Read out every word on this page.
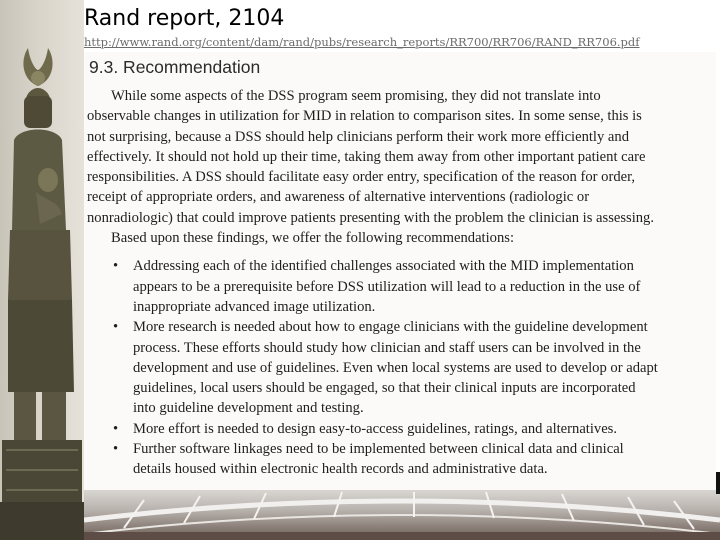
Rand report, 2104
http://www.rand.org/content/dam/rand/pubs/research_reports/RR700/RR706/RAND_RR706.pdf
9.3. Recommendation

While some aspects of the DSS program seem promising, they did not translate into

observable changes in utilization for MID in relation to comparison sites. In some sense, this is

not surprising, because a DSS should help clinicians perform their work more efficiently and

effectively. It should not hold up their time, taking them away from other important patient care

responsibilities. A DSS should facilitate easy order entry, specification of the reason for order,

receipt of appropriate orders, and awareness of alternative interventions (radiologic or

nonradiologic) that could improve patients presenting with the problem the clinician is assessing.

Based upon these findings, we offer the following recommendations:

• Addressing each of the identified challenges associated with the MID implementation
appears to be a prerequisite before DSS utilization will lead to a reduction in the use of
inappropriate advanced image utilization.
• More research is needed about how to engage clinicians with the guideline development
process. These efforts should study how clinician and staff users can be involved in the
development and use of guidelines. Even when local systems are used to develop or adapt
guidelines, local users should be engaged, so that their clinical inputs are incorporated
into guideline development and testing.
• More effort is needed to design easy-to-access guidelines, ratings, and alternatives.
• Further software linkages need to be implemented between clinical data and clinical
details housed within electronic health records and administrative data.
